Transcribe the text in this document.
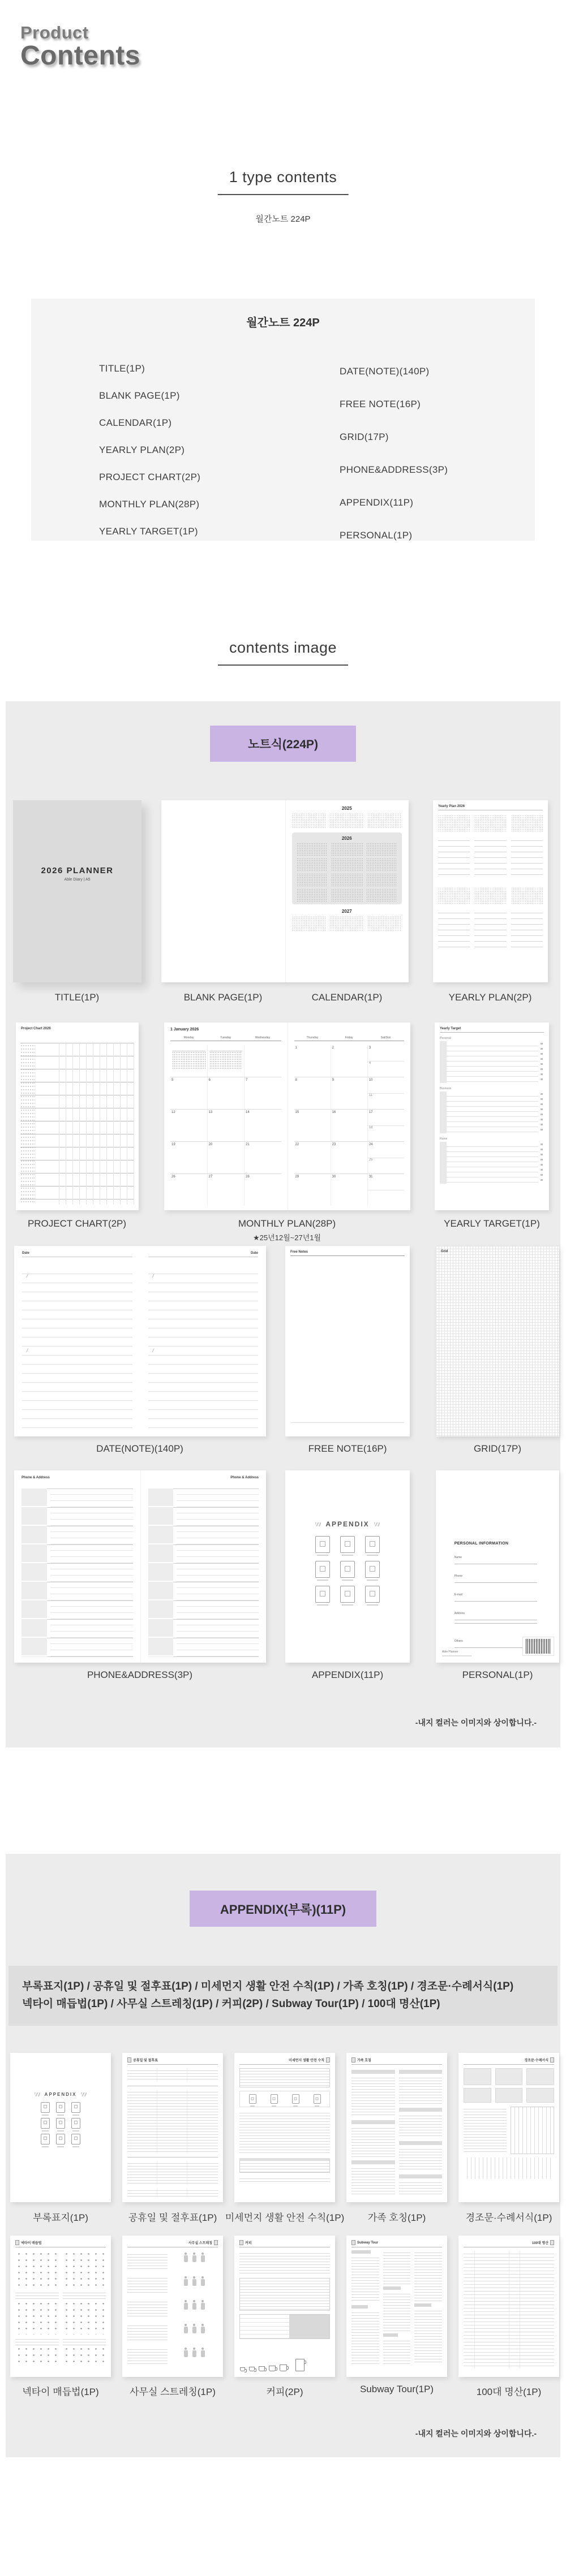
Product
Contents
1 type contents
월간노트 224P
월간노트 224P
TITLE(1P)
BLANK PAGE(1P)
CALENDAR(1P)
YEARLY PLAN(2P)
PROJECT CHART(2P)
MONTHLY PLAN(28P)
YEARLY TARGET(1P)
DATE(NOTE)(140P)
FREE NOTE(16P)
GRID(17P)
PHONE&ADDRESS(3P)
APPENDIX(11P)
PERSONAL(1P)
contents image
노트식(224P)
2026 PLANNER
Able Diary | A5
2025
2026
2027
Yearly Plan 2026
TITLE(1P)	BLANK PAGE(1P)	CALENDAR(1P)	YEARLY PLAN(2P)
Project Chart 2026	1 January 2026
Monday	Tuesday	Wednesday
5	6	7
12	13	14
19	20	21
26	27	28
Thursday	Friday	Sat/Sun
1	2	3
4
8	9	10
11
15	16	17
18
22	23	24
25
29	30	31
Yearly Target
Personal
Business
Home
PROJECT CHART(2P)	MONTHLY PLAN(28P)
★25년12월~27년1월
YEARLY TARGET(1P)
Date
/
/
Date
/
/
Free Notes	Grid
DATE(NOTE)(140P)	FREE NOTE(16P)	GRID(17P)
Phone & Address	Phone & Address
APPENDIX
PERSONAL INFORMATION
Name
Phone
E-mail
Address
Others
Able Planner
PHONE&ADDRESS(3P)	APPENDIX(11P)	PERSONAL(1P)
-내지 컬러는 이미지와 상이합니다.-
APPENDIX(부록)(11P)
부록표지(1P) / 공휴일 및 절후표(1P) / 미세먼지 생활 안전 수칙(1P) / 가족 호칭(1P) / 경조문·수례서식(1P)
넥타이 매듭법(1P) / 사무실 스트레칭(1P) / 커피(2P) / Subway Tour(1P) / 100대 명산(1P)
APPENDIX
공휴일 및 절후표	미세먼지 생활 안전 수칙	가족 호칭	경조문·수례서식
넥타이 매듭법	사무실 스트레칭	커피	Subway Tour	100대 명산
부록표지(1P)	공휴일 및 절후표(1P) 미세먼지 생활 안전 수칙(1P) 가족 호칭(1P)	경조문·수례서식(1P)
넥타이 매듭법(1P)	사무실 스트레칭(1P)	커피(2P)	Subway Tour(1P)	100대 명산(1P)
-내지 컬러는 이미지와 상이합니다.-
